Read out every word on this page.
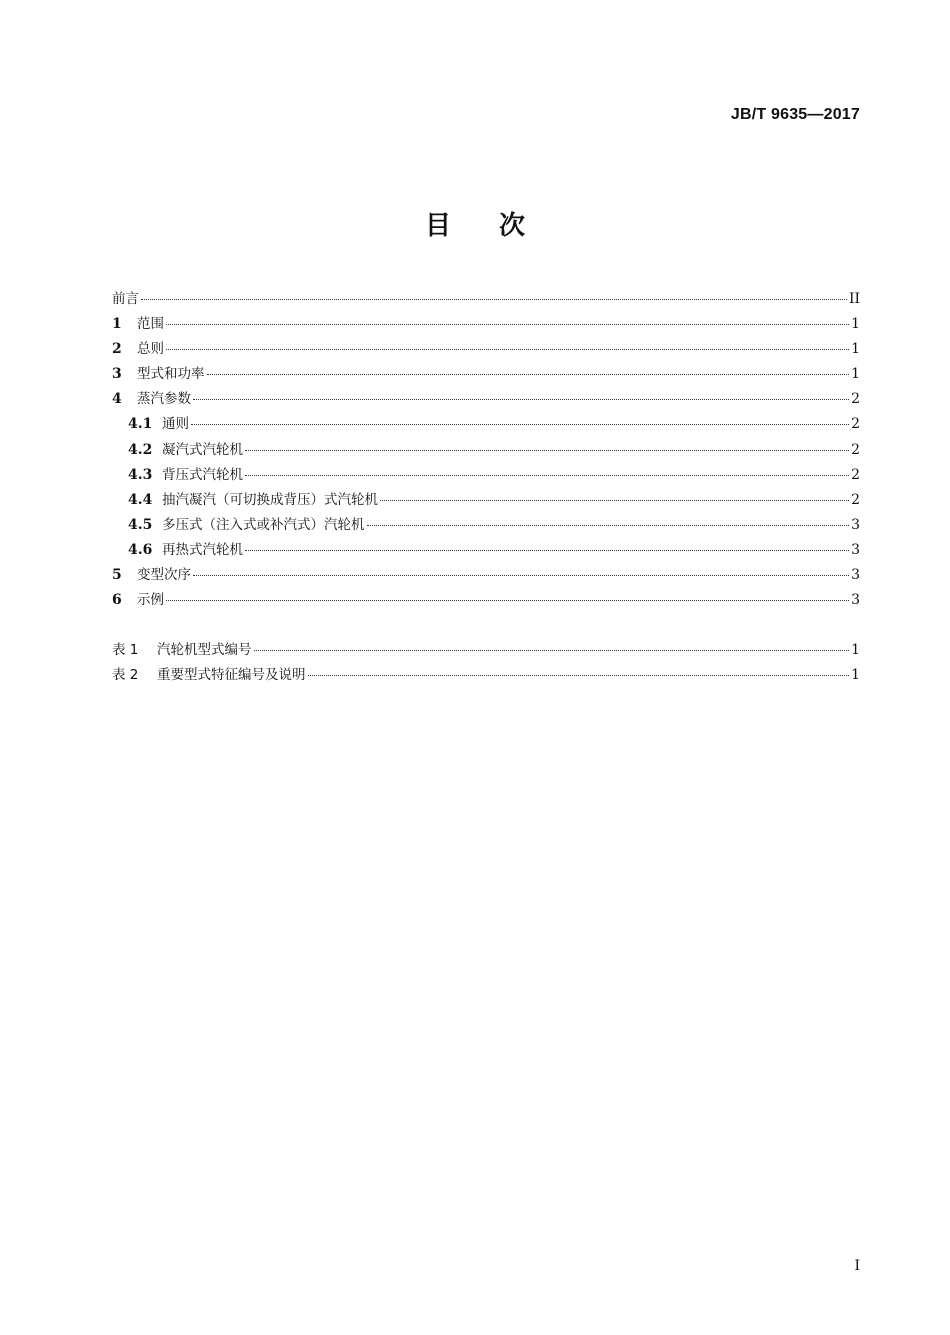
JB/T 9635—2017
目 次
前言	II
1	范围	1
2	总则	1
3	型式和功率	1
4	蒸汽参数	2
4.1 通则	2
4.2 凝汽式汽轮机	2
4.3 背压式汽轮机	2
4.4 抽汽凝汽（可切换成背压）式汽轮机	2
4.5 多压式（注入式或补汽式）汽轮机	3
4.6 再热式汽轮机	3
5	变型次序	3
6	示例	3
表 1	汽轮机型式编号	1
表 2	重要型式特征编号及说明	1
I
